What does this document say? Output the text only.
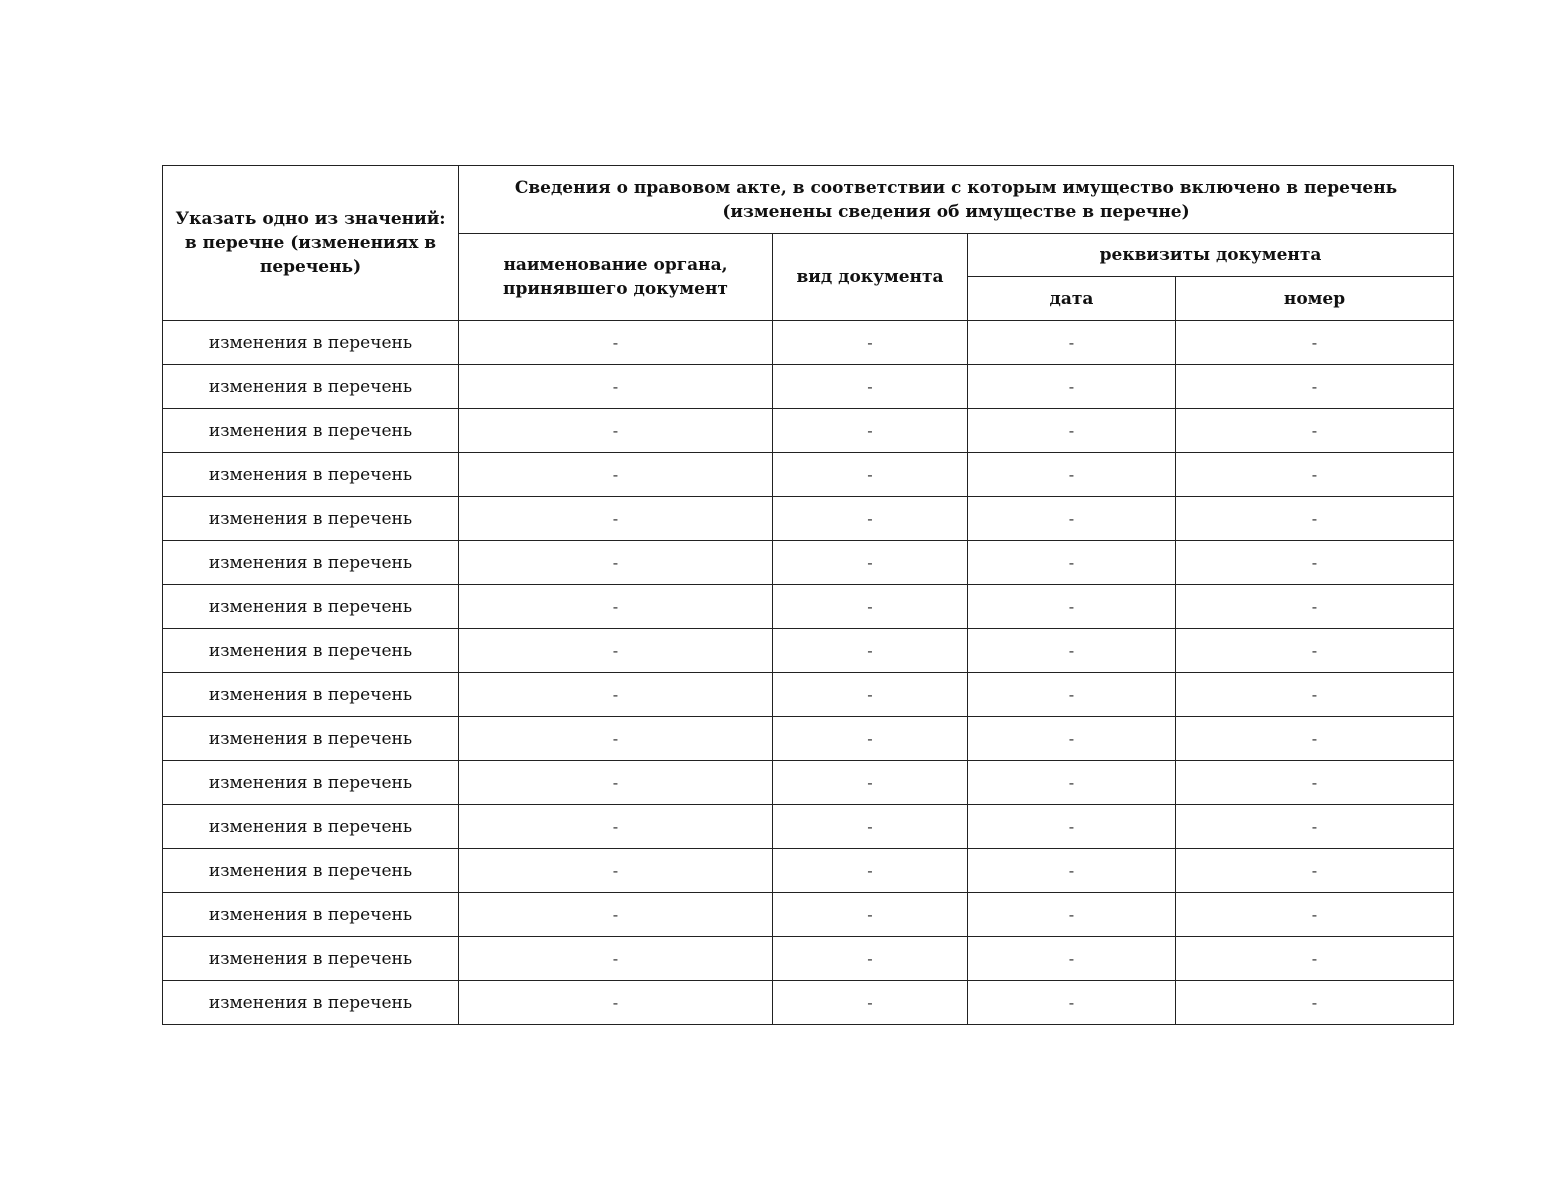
Указать одно из значений: в перечне (изменениях в перечень)	Сведения о правовом акте, в соответствии с которым имущество включено в перечень (изменены сведения об имуществе в перечне)			
	наименование органа, принявшего документ	вид документа	реквизиты документа	
			дата	номер
изменения в перечень	-	-	-	-
изменения в перечень	-	-	-	-
изменения в перечень	-	-	-	-
изменения в перечень	-	-	-	-
изменения в перечень	-	-	-	-
изменения в перечень	-	-	-	-
изменения в перечень	-	-	-	-
изменения в перечень	-	-	-	-
изменения в перечень	-	-	-	-
изменения в перечень	-	-	-	-
изменения в перечень	-	-	-	-
изменения в перечень	-	-	-	-
изменения в перечень	-	-	-	-
изменения в перечень	-	-	-	-
изменения в перечень	-	-	-	-
изменения в перечень	-	-	-	-
